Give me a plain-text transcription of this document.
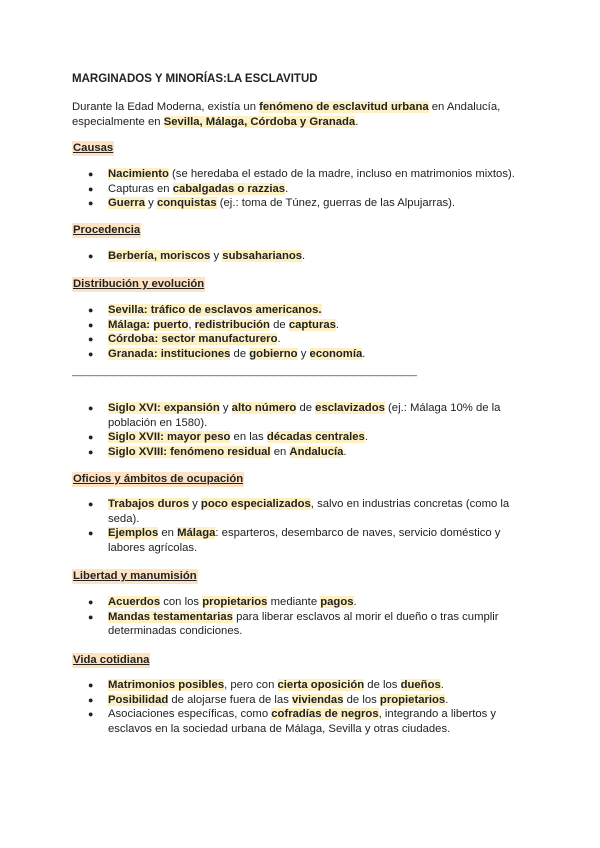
MARGINADOS Y MINORÍAS:LA ESCLAVITUD
Durante la Edad Moderna, existía un fenómeno de esclavitud urbana en Andalucía, especialmente en Sevilla, Málaga, Córdoba y Granada.
Causas
● Nacimiento (se heredaba el estado de la madre, incluso en matrimonios mixtos).
● Capturas en cabalgadas o razzias.
● Guerra y conquistas (ej.: toma de Túnez, guerras de las Alpujarras).
Procedencia
● Berbería, moriscos y subsaharianos.
Distribución y evolución
● Sevilla: tráfico de esclavos americanos.
● Málaga: puerto, redistribución de capturas.
● Córdoba: sector manufacturero.
● Granada: instituciones de gobierno y economía.
———————————————————————————————————————————
● Siglo XVI: expansión y alto número de esclavizados (ej.: Málaga 10% de la población en 1580).
● Siglo XVII: mayor peso en las décadas centrales.
● Siglo XVIII: fenómeno residual en Andalucía.
Oficios y ámbitos de ocupación
● Trabajos duros y poco especializados, salvo en industrias concretas (como la seda).
● Ejemplos en Málaga: esparteros, desembarco de naves, servicio doméstico y labores agrícolas.
Libertad y manumisión
● Acuerdos con los propietarios mediante pagos.
● Mandas testamentarias para liberar esclavos al morir el dueño o tras cumplir determinadas condiciones.
Vida cotidiana
● Matrimonios posibles, pero con cierta oposición de los dueños.
● Posibilidad de alojarse fuera de las viviendas de los propietarios.
● Asociaciones específicas, como cofradías de negros, integrando a libertos y esclavos en la sociedad urbana de Málaga, Sevilla y otras ciudades.
